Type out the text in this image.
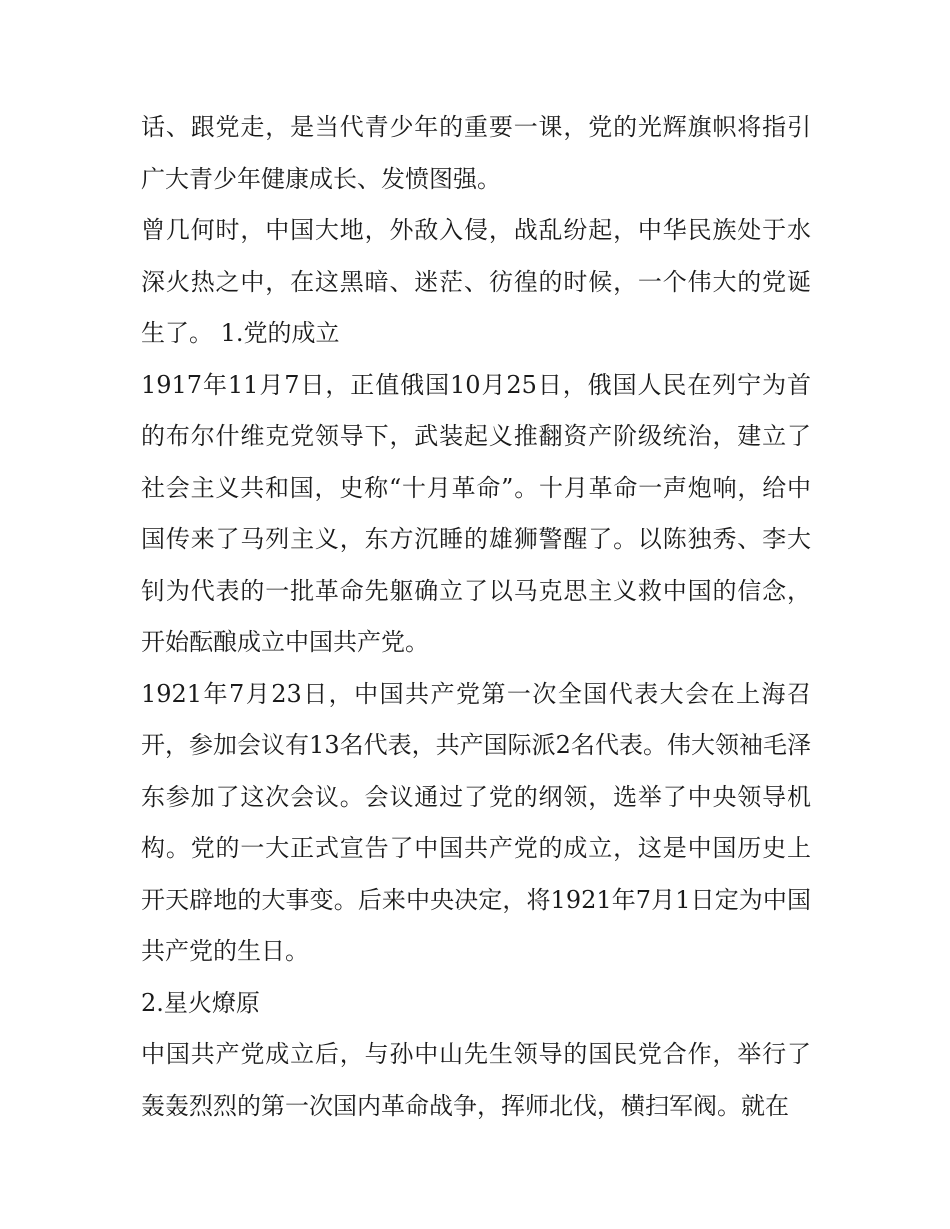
话、跟党走，是当代青少年的重要一课，党的光辉旗帜将指引广大青少年健康成长、发愤图强。

曾几何时，中国大地，外敌入侵，战乱纷起，中华民族处于水深火热之中，在这黑暗、迷茫、彷徨的时候，一个伟大的党诞生了。 1.党的成立

1917年11月7日，正值俄国10月25日，俄国人民在列宁为首的布尔什维克党领导下，武装起义推翻资产阶级统治，建立了社会主义共和国，史称“十月革命”。十月革命一声炮响，给中国传来了马列主义，东方沉睡的雄狮警醒了。以陈独秀、李大钊为代表的一批革命先躯确立了以马克思主义救中国的信念，开始酝酿成立中国共产党。

1921年7月23日，中国共产党第一次全国代表大会在上海召开，参加会议有13名代表，共产国际派2名代表。伟大领袖毛泽东参加了这次会议。会议通过了党的纲领，选举了中央领导机构。党的一大正式宣告了中国共产党的成立，这是中国历史上开天辟地的大事变。后来中央决定，将1921年7月1日定为中国共产党的生日。

2.星火燎原

中国共产党成立后，与孙中山先生领导的国民党合作，举行了轰轰烈烈的第一次国内革命战争，挥师北伐，横扫军阀。就在
